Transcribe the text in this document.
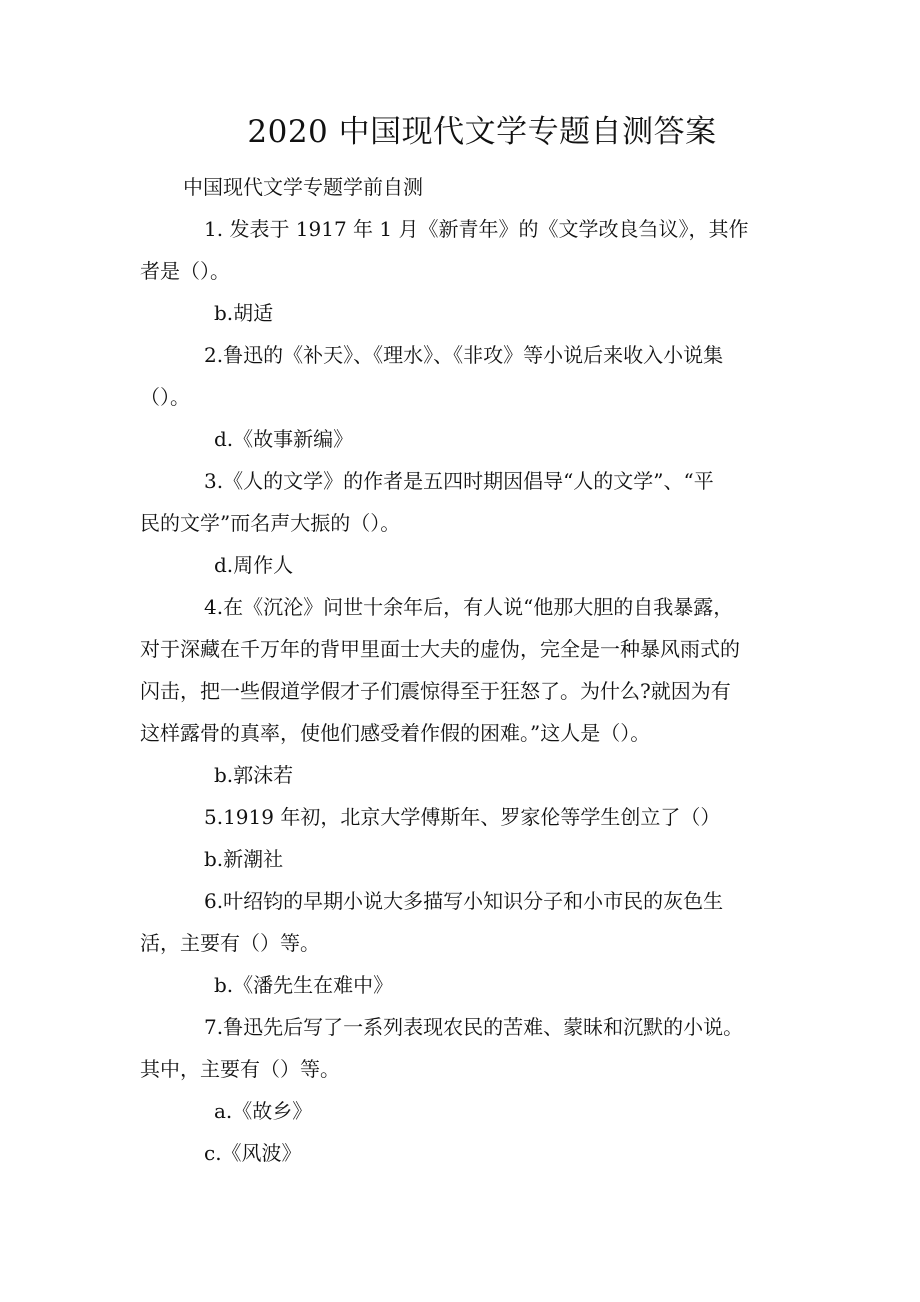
2020 中国现代文学专题自测答案
中国现代文学专题学前自测
1. 发表于 1917 年 1 月《新青年》的《文学改良刍议》，其作
者是（）。
b.胡适
2.鲁迅的《补天》、《理水》、《非攻》等小说后来收入小说集
（）。
d.《故事新编》
3.《人的文学》的作者是五四时期因倡导“人的文学”、“平
民的文学”而名声大振的（）。
d.周作人
4.在《沉沦》问世十余年后，有人说“他那大胆的自我暴露，
对于深藏在千万年的背甲里面士大夫的虚伪，完全是一种暴风雨式的
闪击，把一些假道学假才子们震惊得至于狂怒了。为什么?就因为有
这样露骨的真率，使他们感受着作假的困难。”这人是（）。
b.郭沫若
5.1919 年初，北京大学傅斯年、罗家伦等学生创立了（）
b.新潮社
6.叶绍钧的早期小说大多描写小知识分子和小市民的灰色生
活，主要有（）等。
b.《潘先生在难中》
7.鲁迅先后写了一系列表现农民的苦难、蒙昧和沉默的小说。
其中，主要有（）等。
a.《故乡》
c.《风波》
